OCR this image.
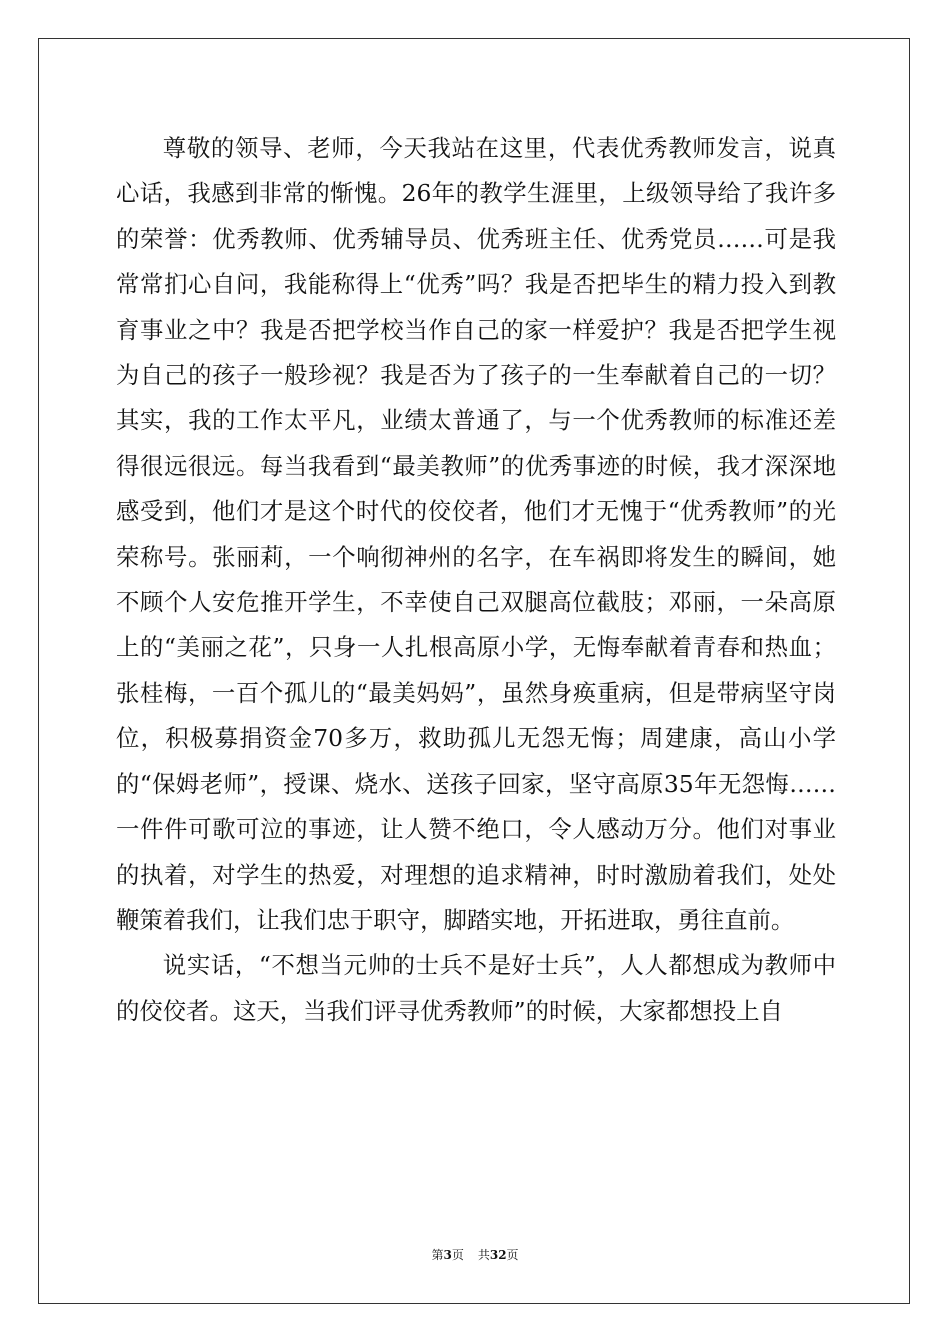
尊敬的领导、老师，今天我站在这里，代表优秀教师发言，说真心话，我感到非常的惭愧。26年的教学生涯里，上级领导给了我许多的荣誉：优秀教师、优秀辅导员、优秀班主任、优秀党员……可是我常常扪心自问，我能称得上“优秀”吗？我是否把毕生的精力投入到教育事业之中？我是否把学校当作自己的家一样爱护？我是否把学生视为自己的孩子一般珍视？我是否为了孩子的一生奉献着自己的一切？其实，我的工作太平凡，业绩太普通了，与一个优秀教师的标准还差得很远很远。每当我看到“最美教师”的优秀事迹的时候，我才深深地感受到，他们才是这个时代的佼佼者，他们才无愧于“优秀教师”的光荣称号。张丽莉，一个响彻神州的名字，在车祸即将发生的瞬间，她不顾个人安危推开学生，不幸使自己双腿高位截肢；邓丽，一朵高原上的“美丽之花”，只身一人扎根高原小学，无悔奉献着青春和热血；张桂梅，一百个孤儿的“最美妈妈”，虽然身痪重病，但是带病坚守岗位，积极募捐资金70多万，救助孤儿无怨无悔；周建康，高山小学的“保姆老师”，授课、烧水、送孩子回家，坚守高原35年无怨悔……一件件可歌可泣的事迹，让人赞不绝口，令人感动万分。他们对事业的执着，对学生的热爱，对理想的追求精神，时时激励着我们，处处鞭策着我们，让我们忠于职守，脚踏实地，开拓进取，勇往直前。

说实话，“不想当元帅的士兵不是好士兵”，人人都想成为教师中的佼佼者。这天，当我们评寻优秀教师”的时候，大家都想投上自

第3页 共32页
